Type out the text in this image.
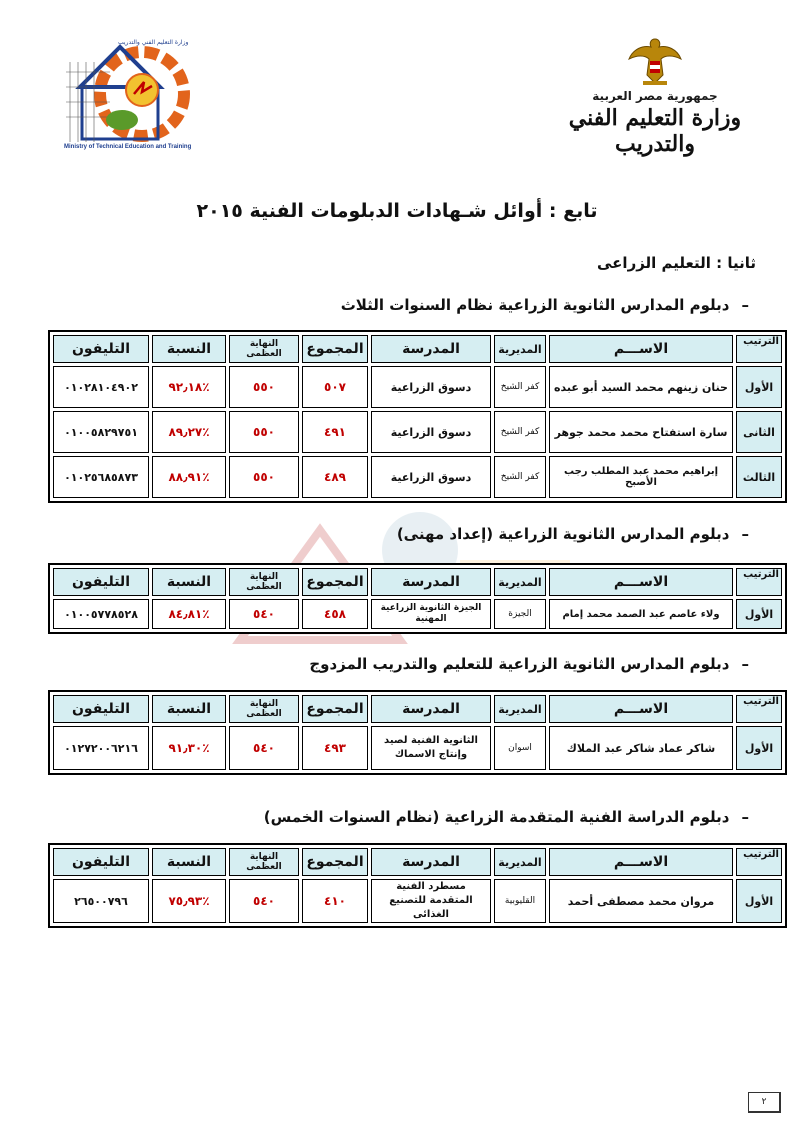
Ministry of Technical Education and Training
وزارة التعليم الفني والتدريب
جمهورية مصر العربية
وزارة التعليم الفني والتدريب
تابع : أوائل شـهادات الدبلومات الفنية ٢٠١٥
ثانيا : التعليم الزراعى
–دبلوم المدارس الثانوية الزراعية نظام السنوات الثلاث
الترتيب	الاســـم	المديرية	المدرسة	المجموع	النهاية العظمى	النسبة	التليفون
الأول	حنان زينهم محمد السيد أبو عبده	كفر الشيخ	دسوق الزراعية	٥٠٧	٥٥٠	٪٩٢٫١٨	٠١٠٢٨١٠٤٩٠٢
الثانى	سارة استفتاح محمد محمد جوهر	كفر الشيخ	دسوق الزراعية	٤٩١	٥٥٠	٪٨٩٫٢٧	٠١٠٠٥٨٢٩٧٥١
الثالث	إبراهيم محمد عبد المطلب رجب الأصبح	كفر الشيخ	دسوق الزراعية	٤٨٩	٥٥٠	٪٨٨٫٩١	٠١٠٢٥٦٨٥٨٧٣
–دبلوم المدارس الثانوية الزراعية (إعداد مهنى)
الترتيب	الاســـم	المديرية	المدرسة	المجموع	النهاية العظمى	النسبة	التليفون
الأول	ولاء عاصم عبد الصمد محمد إمام	الجيزة	الجيزة الثانوية الزراعية المهنية	٤٥٨	٥٤٠	٪٨٤٫٨١	٠١٠٠٥٧٧٨٥٢٨
–دبلوم المدارس الثانوية الزراعية للتعليم والتدريب المزدوج
الترتيب	الاســـم	المديرية	المدرسة	المجموع	النهاية العظمى	النسبة	التليفون
الأول	شاكر عماد شاكر عبد الملاك	اسوان	الثانوية الفنية لصيد وإنتاج الاسماك	٤٩٣	٥٤٠	٪٩١٫٣٠	٠١٢٧٢٠٠٦٢١٦
–دبلوم الدراسة الفنية المتقدمة الزراعية (نظام السنوات الخمس)
الترتيب	الاســـم	المديرية	المدرسة	المجموع	النهاية العظمى	النسبة	التليفون
الأول	مروان محمد مصطفى أحمد	القليوبية	مسطرد الفنية المتقدمة للتصنيع الغذائى	٤١٠	٥٤٠	٪٧٥٫٩٣	٢٦٥٠٠٧٩٦
٢
